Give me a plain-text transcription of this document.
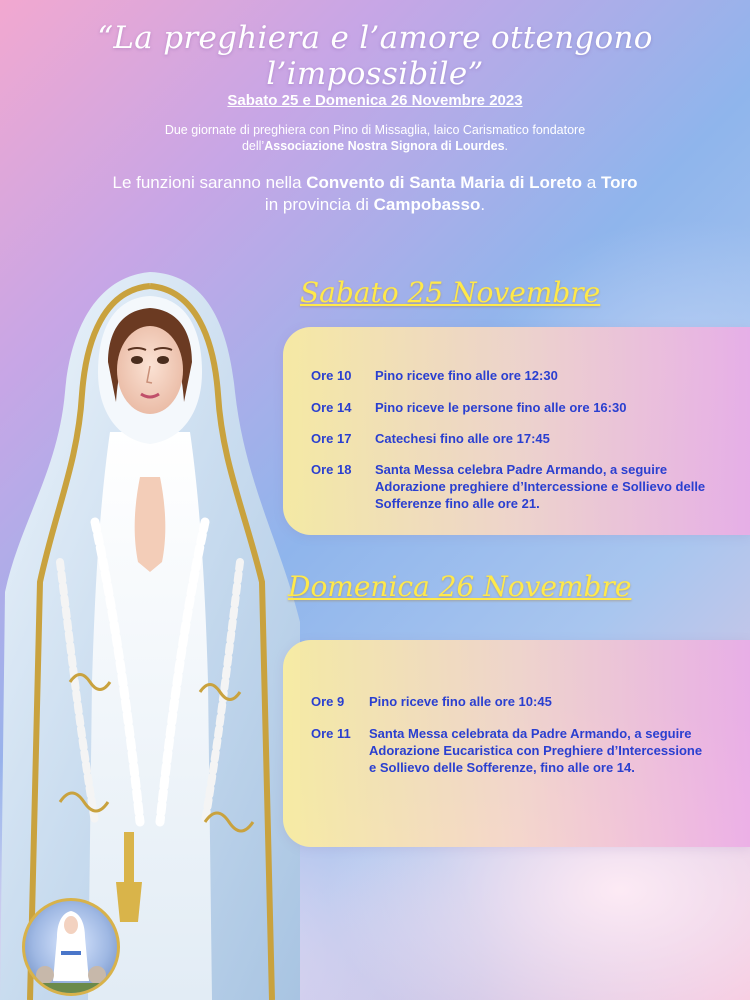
“La preghiera e l’amore ottengono l’impossibile”
Sabato 25 e Domenica 26 Novembre 2023
Due giornate di preghiera con Pino di Missaglia, laico Carismatico fondatore
dell’Associazione Nostra Signora di Lourdes.
Le funzioni saranno nella Convento di Santa Maria di Loreto a Toro
in provincia di Campobasso.
Sabato 25 Novembre
Ore 10	Pino riceve fino alle ore 12:30
Ore 14	Pino riceve le persone fino alle ore 16:30
Ore 17	Catechesi fino alle ore 17:45
Ore 18	Santa Messa celebra Padre Armando, a seguire Adorazione preghiere d’Intercessione e Sollievo delle Sofferenze fino alle ore 21.
Domenica 26 Novembre
Ore 9	Pino riceve fino alle ore 10:45
Ore 11	Santa Messa celebrata da Padre Armando, a seguire Adorazione Eucaristica con Preghiere d’Intercessione e Sollievo delle Sofferenze, fino alle ore 14.
